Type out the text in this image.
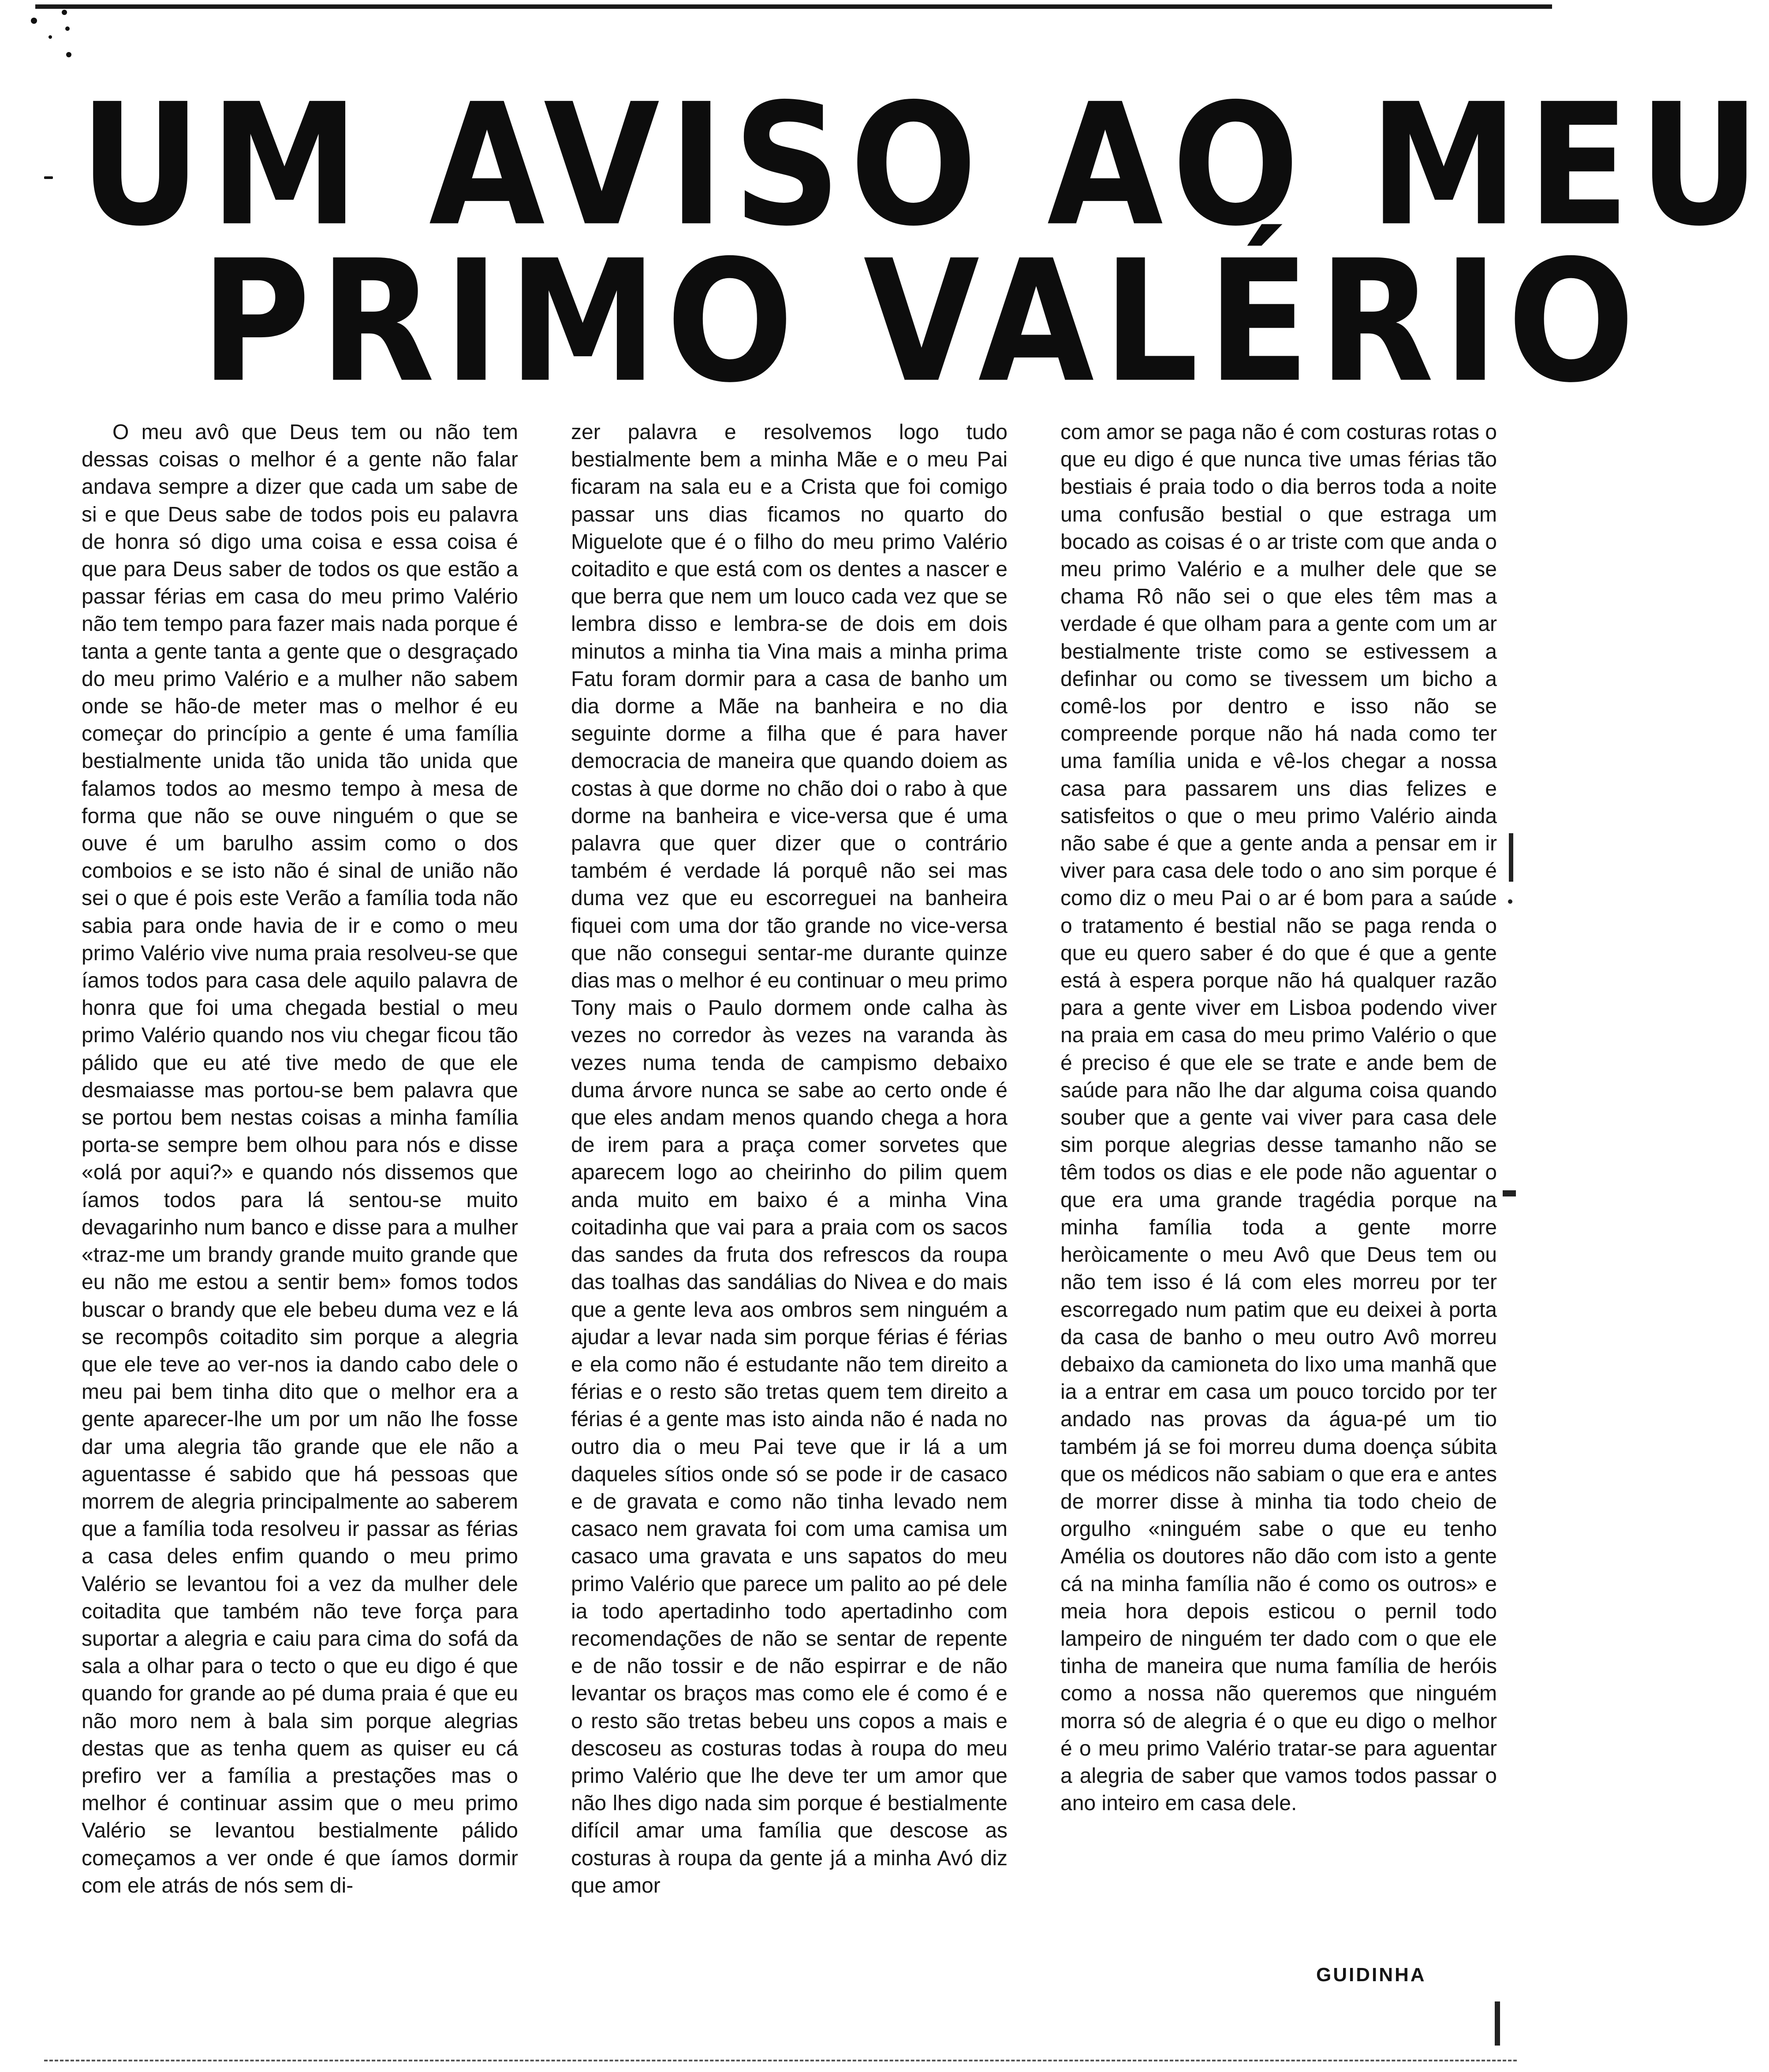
UM AVISO AO MEU
PRIMO VALÉRIO

O meu avô que Deus tem ou não tem dessas coisas o melhor é a gente não falar andava sempre a dizer que cada um sabe de si e que Deus sabe de todos pois eu palavra de honra só digo uma coisa e essa coisa é que para Deus saber de todos os que estão a passar férias em casa do meu primo Valério não tem tempo para fazer mais nada porque é tanta a gente tanta a gente que o desgraçado do meu primo Valério e a mulher não sabem onde se hão-de meter mas o melhor é eu começar do princípio a gente é uma família bestialmente unida tão unida tão unida que falamos todos ao mesmo tempo à mesa de forma que não se ouve ninguém o que se ouve é um barulho assim como o dos comboios e se isto não é sinal de união não sei o que é pois este Verão a família toda não sabia para onde havia de ir e como o meu primo Valério vive numa praia resolveu-se que íamos todos para casa dele aquilo palavra de honra que foi uma chegada bestial o meu primo Valério quando nos viu chegar ficou tão pálido que eu até tive medo de que ele desmaiasse mas portou-se bem palavra que se portou bem nestas coisas a minha família porta-se sempre bem olhou para nós e disse «olá por aqui?» e quando nós dissemos que íamos todos para lá sentou-se muito devagarinho num banco e disse para a mulher «traz-me um brandy grande muito grande que eu não me estou a sentir bem» fomos todos buscar o brandy que ele bebeu duma vez e lá se recompôs coitadito sim porque a alegria que ele teve ao ver-nos ia dando cabo dele o meu pai bem tinha dito que o melhor era a gente aparecer-lhe um por um não lhe fosse dar uma alegria tão grande que ele não a aguentasse é sabido que há pessoas que morrem de alegria principalmente ao saberem que a família toda resolveu ir passar as férias a casa deles enfim quando o meu primo Valério se levantou foi a vez da mulher dele coitadita que também não teve força para suportar a alegria e caiu para cima do sofá da sala a olhar para o tecto o que eu digo é que quando for grande ao pé duma praia é que eu não moro nem à bala sim porque alegrias destas que as tenha quem as quiser eu cá prefiro ver a família a prestações mas o melhor é continuar assim que o meu primo Valério se levantou bestialmente pálido começamos a ver onde é que íamos dormir com ele atrás de nós sem di-

zer palavra e resolvemos logo tudo bestialmente bem a minha Mãe e o meu Pai ficaram na sala eu e a Crista que foi comigo passar uns dias ficamos no quarto do Miguelote que é o filho do meu primo Valério coitadito e que está com os dentes a nascer e que berra que nem um louco cada vez que se lembra disso e lembra-se de dois em dois minutos a minha tia Vina mais a minha prima Fatu foram dormir para a casa de banho um dia dorme a Mãe na banheira e no dia seguinte dorme a filha que é para haver democracia de maneira que quando doiem as costas à que dorme no chão doi o rabo à que dorme na banheira e vice-versa que é uma palavra que quer dizer que o contrário também é verdade lá porquê não sei mas duma vez que eu escorreguei na banheira fiquei com uma dor tão grande no vice-versa que não consegui sentar-me durante quinze dias mas o melhor é eu continuar o meu primo Tony mais o Paulo dormem onde calha às vezes no corredor às vezes na varanda às vezes numa tenda de campismo debaixo duma árvore nunca se sabe ao certo onde é que eles andam menos quando chega a hora de irem para a praça comer sorvetes que aparecem logo ao cheirinho do pilim quem anda muito em baixo é a minha Vina coitadinha que vai para a praia com os sacos das sandes da fruta dos refrescos da roupa das toalhas das sandálias do Nivea e do mais que a gente leva aos ombros sem ninguém a ajudar a levar nada sim porque férias é férias e ela como não é estudante não tem direito a férias e o resto são tretas quem tem direito a férias é a gente mas isto ainda não é nada no outro dia o meu Pai teve que ir lá a um daqueles sítios onde só se pode ir de casaco e de gravata e como não tinha levado nem casaco nem gravata foi com uma camisa um casaco uma gravata e uns sapatos do meu primo Valério que parece um palito ao pé dele ia todo apertadinho todo apertadinho com recomendações de não se sentar de repente e de não tossir e de não espirrar e de não levantar os braços mas como ele é como é e o resto são tretas bebeu uns copos a mais e descoseu as costuras todas à roupa do meu primo Valério que lhe deve ter um amor que não lhes digo nada sim porque é bestialmente difícil amar uma família que descose as costuras à roupa da gente já a minha Avó diz que amor

com amor se paga não é com costuras rotas o que eu digo é que nunca tive umas férias tão bestiais é praia todo o dia berros toda a noite uma confusão bestial o que estraga um bocado as coisas é o ar triste com que anda o meu primo Valério e a mulher dele que se chama Rô não sei o que eles têm mas a verdade é que olham para a gente com um ar bestialmente triste como se estivessem a definhar ou como se tivessem um bicho a comê-los por dentro e isso não se compreende porque não há nada como ter uma família unida e vê-los chegar a nossa casa para passarem uns dias felizes e satisfeitos o que o meu primo Valério ainda não sabe é que a gente anda a pensar em ir viver para casa dele todo o ano sim porque é como diz o meu Pai o ar é bom para a saúde o tratamento é bestial não se paga renda o que eu quero saber é do que é que a gente está à espera porque não há qualquer razão para a gente viver em Lisboa podendo viver na praia em casa do meu primo Valério o que é preciso é que ele se trate e ande bem de saúde para não lhe dar alguma coisa quando souber que a gente vai viver para casa dele sim porque alegrias desse tamanho não se têm todos os dias e ele pode não aguentar o que era uma grande tragédia porque na minha família toda a gente morre heròicamente o meu Avô que Deus tem ou não tem isso é lá com eles morreu por ter escorregado num patim que eu deixei à porta da casa de banho o meu outro Avô morreu debaixo da camioneta do lixo uma manhã que ia a entrar em casa um pouco torcido por ter andado nas provas da água-pé um tio também já se foi morreu duma doença súbita que os médicos não sabiam o que era e antes de morrer disse à minha tia todo cheio de orgulho «ninguém sabe o que eu tenho Amélia os doutores não dão com isto a gente cá na minha família não é como os outros» e meia hora depois esticou o pernil todo lampeiro de ninguém ter dado com o que ele tinha de maneira que numa família de heróis como a nossa não queremos que ninguém morra só de alegria é o que eu digo o melhor é o meu primo Valério tratar-se para aguentar a alegria de saber que vamos todos passar o ano inteiro em casa dele.

GUIDINHA
